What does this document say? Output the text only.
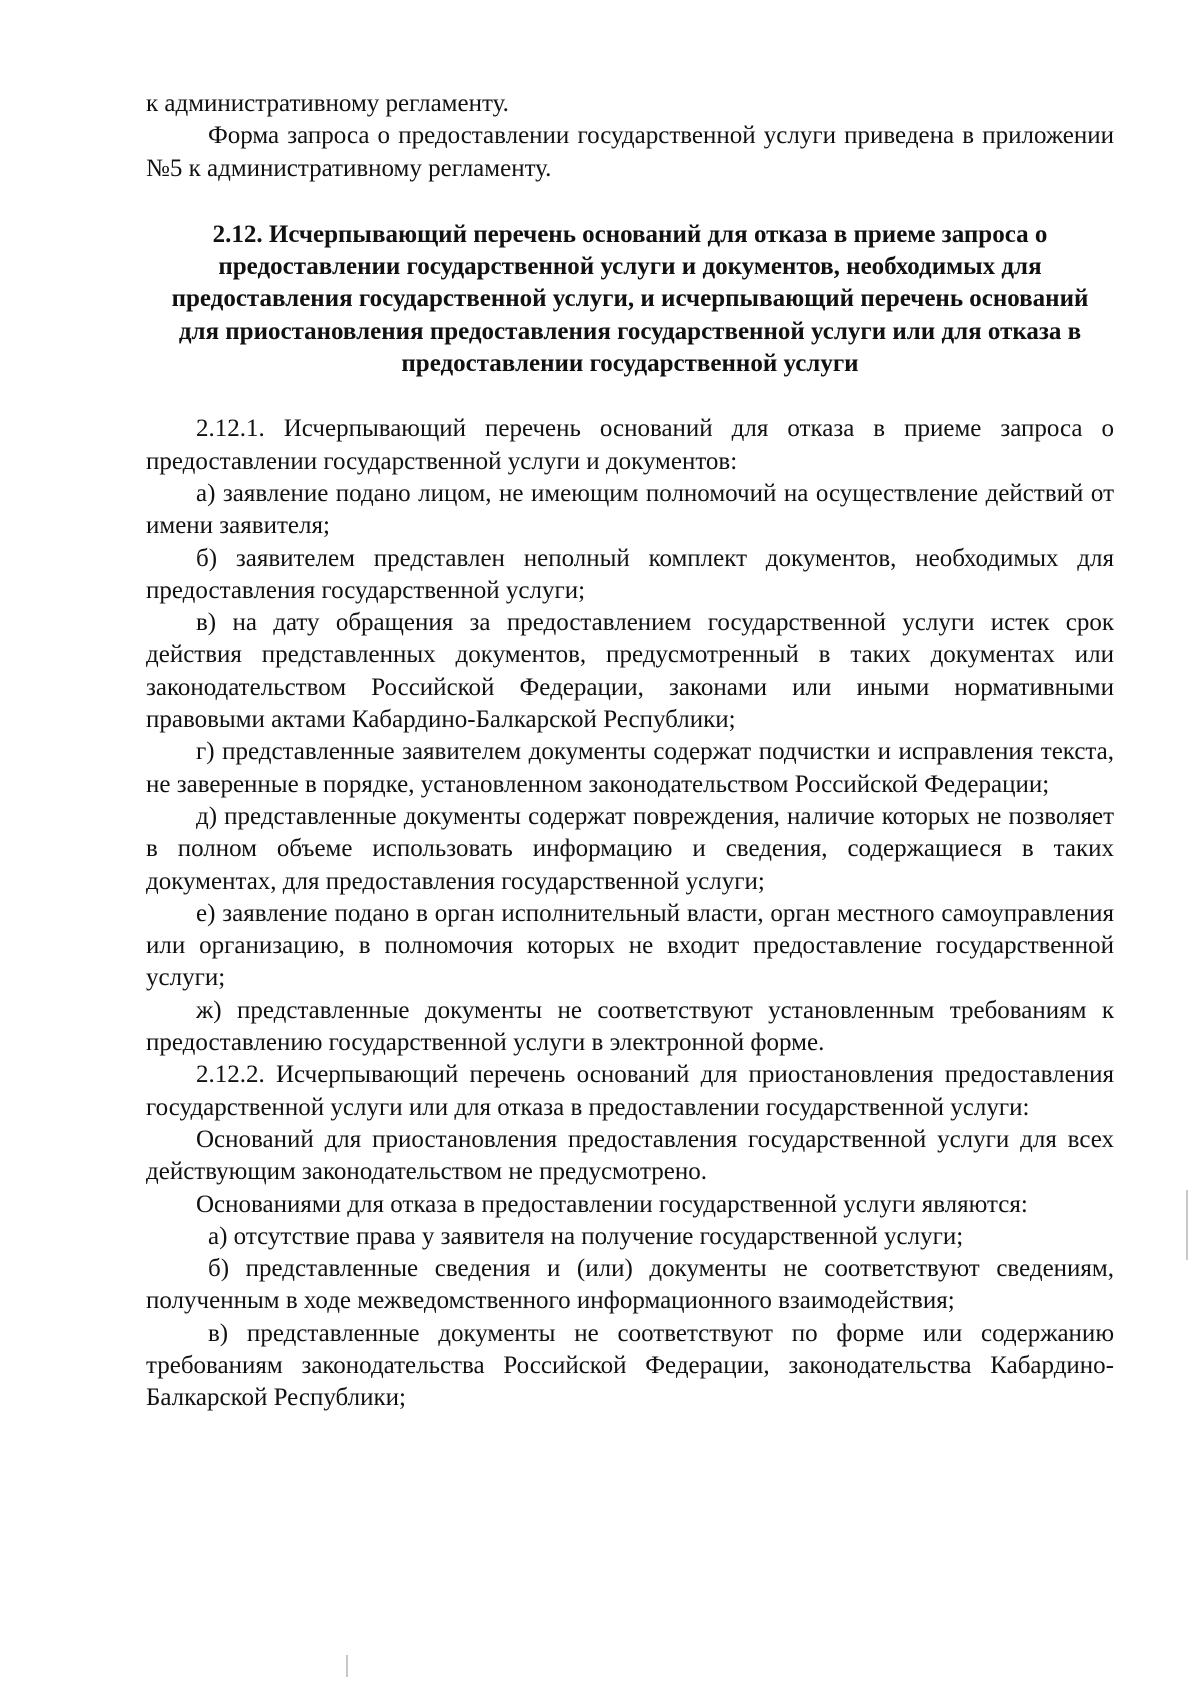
к административному регламенту.

Форма запроса о предоставлении государственной услуги приведена в приложении №5 к административному регламенту.

2.12. Исчерпывающий перечень оснований для отказа в приеме запроса о предоставлении государственной услуги и документов, необходимых для предоставления государственной услуги, и исчерпывающий перечень оснований для приостановления предоставления государственной услуги или для отказа в предоставлении государственной услуги

2.12.1. Исчерпывающий перечень оснований для отказа в приеме запроса о предоставлении государственной услуги и документов:

а) заявление подано лицом, не имеющим полномочий на осуществление действий от имени заявителя;

б) заявителем представлен неполный комплект документов, необходимых для предоставления государственной услуги;

в) на дату обращения за предоставлением государственной услуги истек срок действия представленных документов, предусмотренный в таких документах или законодательством Российской Федерации, законами или иными нормативными правовыми актами Кабардино-Балкарской Республики;

г) представленные заявителем документы содержат подчистки и исправления текста, не заверенные в порядке, установленном законодательством Российской Федерации;

д) представленные документы содержат повреждения, наличие которых не позволяет в полном объеме использовать информацию и сведения, содержащиеся в таких документах, для предоставления государственной услуги;

е) заявление подано в орган исполнительный власти, орган местного самоуправления или организацию, в полномочия которых не входит предоставление государственной услуги;

ж) представленные документы не соответствуют установленным требованиям к предоставлению государственной услуги в электронной форме.

2.12.2. Исчерпывающий перечень оснований для приостановления предоставления государственной услуги или для отказа в предоставлении государственной услуги:

Оснований для приостановления предоставления государственной услуги для всех действующим законодательством не предусмотрено.

Основаниями для отказа в предоставлении государственной услуги являются:

а) отсутствие права у заявителя на получение государственной услуги;

б) представленные сведения и (или) документы не соответствуют сведениям, полученным в ходе межведомственного информационного взаимодействия;

в) представленные документы не соответствуют по форме или содержанию требованиям законодательства Российской Федерации, законодательства Кабардино-Балкарской Республики;
